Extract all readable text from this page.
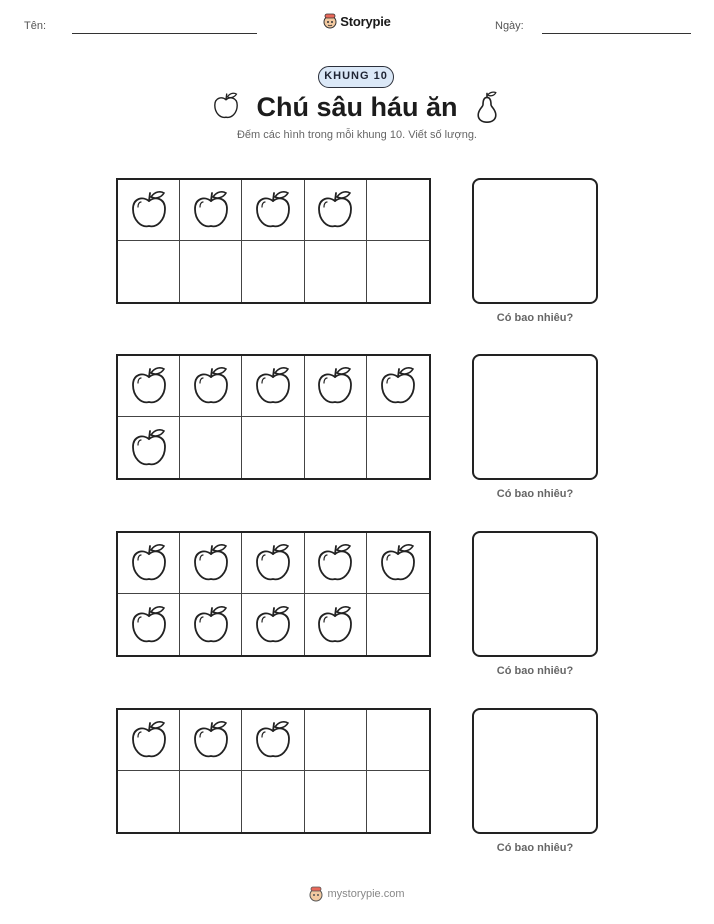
Tên:	Storypie	Ngày:
KHUNG 10
Chú sâu háu ăn
Đếm các hình trong mỗi khung 10. Viết số lượng.
Có bao nhiêu?
Có bao nhiêu?
Có bao nhiêu?
Có bao nhiêu?
mystorypie.com
